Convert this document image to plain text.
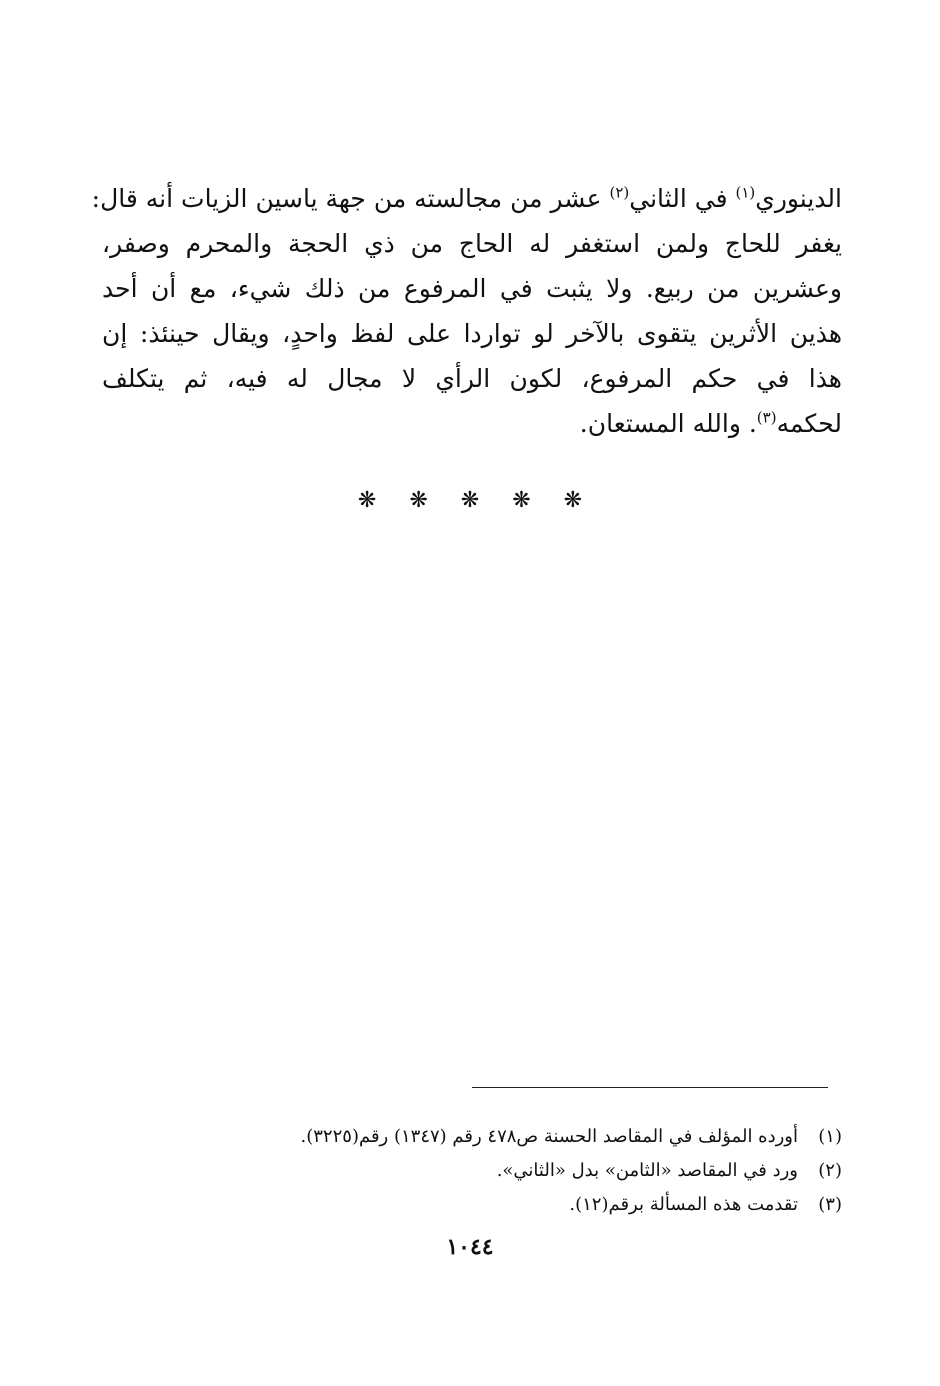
الدينوري$^{(١)}$ في الثاني$^{(٢)}$ عشر من مجالسته من جهة ياسين الزيات أنه قال:
يغفر للحاج ولمن استغفر له الحاج من ذي الحجة والمحرم وصفر،
وعشرين من ربيع. ولا يثبت في المرفوع من ذلك شيء، مع أن أحد
هذين الأثرين يتقوى بالآخر لو تواردا على لفظ واحدٍ، ويقال حينئذ: إن
هذا في حكم المرفوع، لكون الرأي لا مجال له فيه، ثم يتكلف
لحكمه$^{(٣)}$. والله المستعان.
❋ ❋ ❋ ❋ ❋
(١)أورده المؤلف في المقاصد الحسنة ص٤٧٨ رقم (١٣٤٧) رقم(٣٢٢٥).
(٢)ورد في المقاصد «الثامن» بدل «الثاني».
(٣)تقدمت هذه المسألة برقم(١٢).
١٠٤٤
